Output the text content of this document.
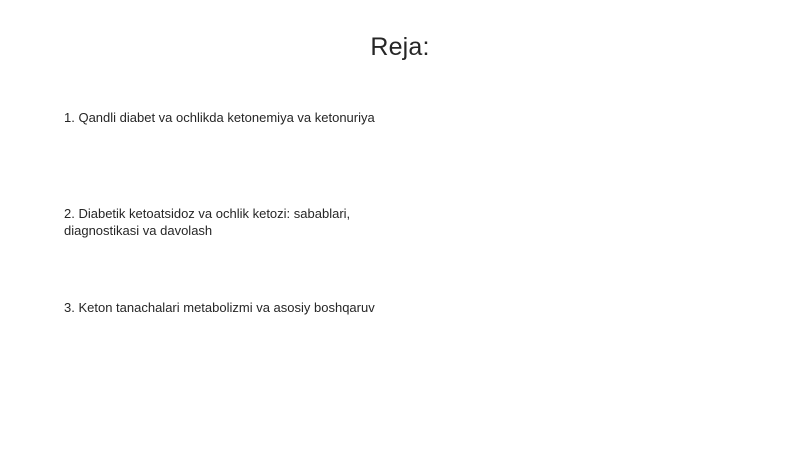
Reja:
1. Qandli diabet va ochlikda ketonemiya va ketonuriya
2. Diabetik ketoatsidoz va ochlik ketozi: sabablari, diagnostikasi va davolash
3. Keton tanachalari metabolizmi va asosiy boshqaruv
